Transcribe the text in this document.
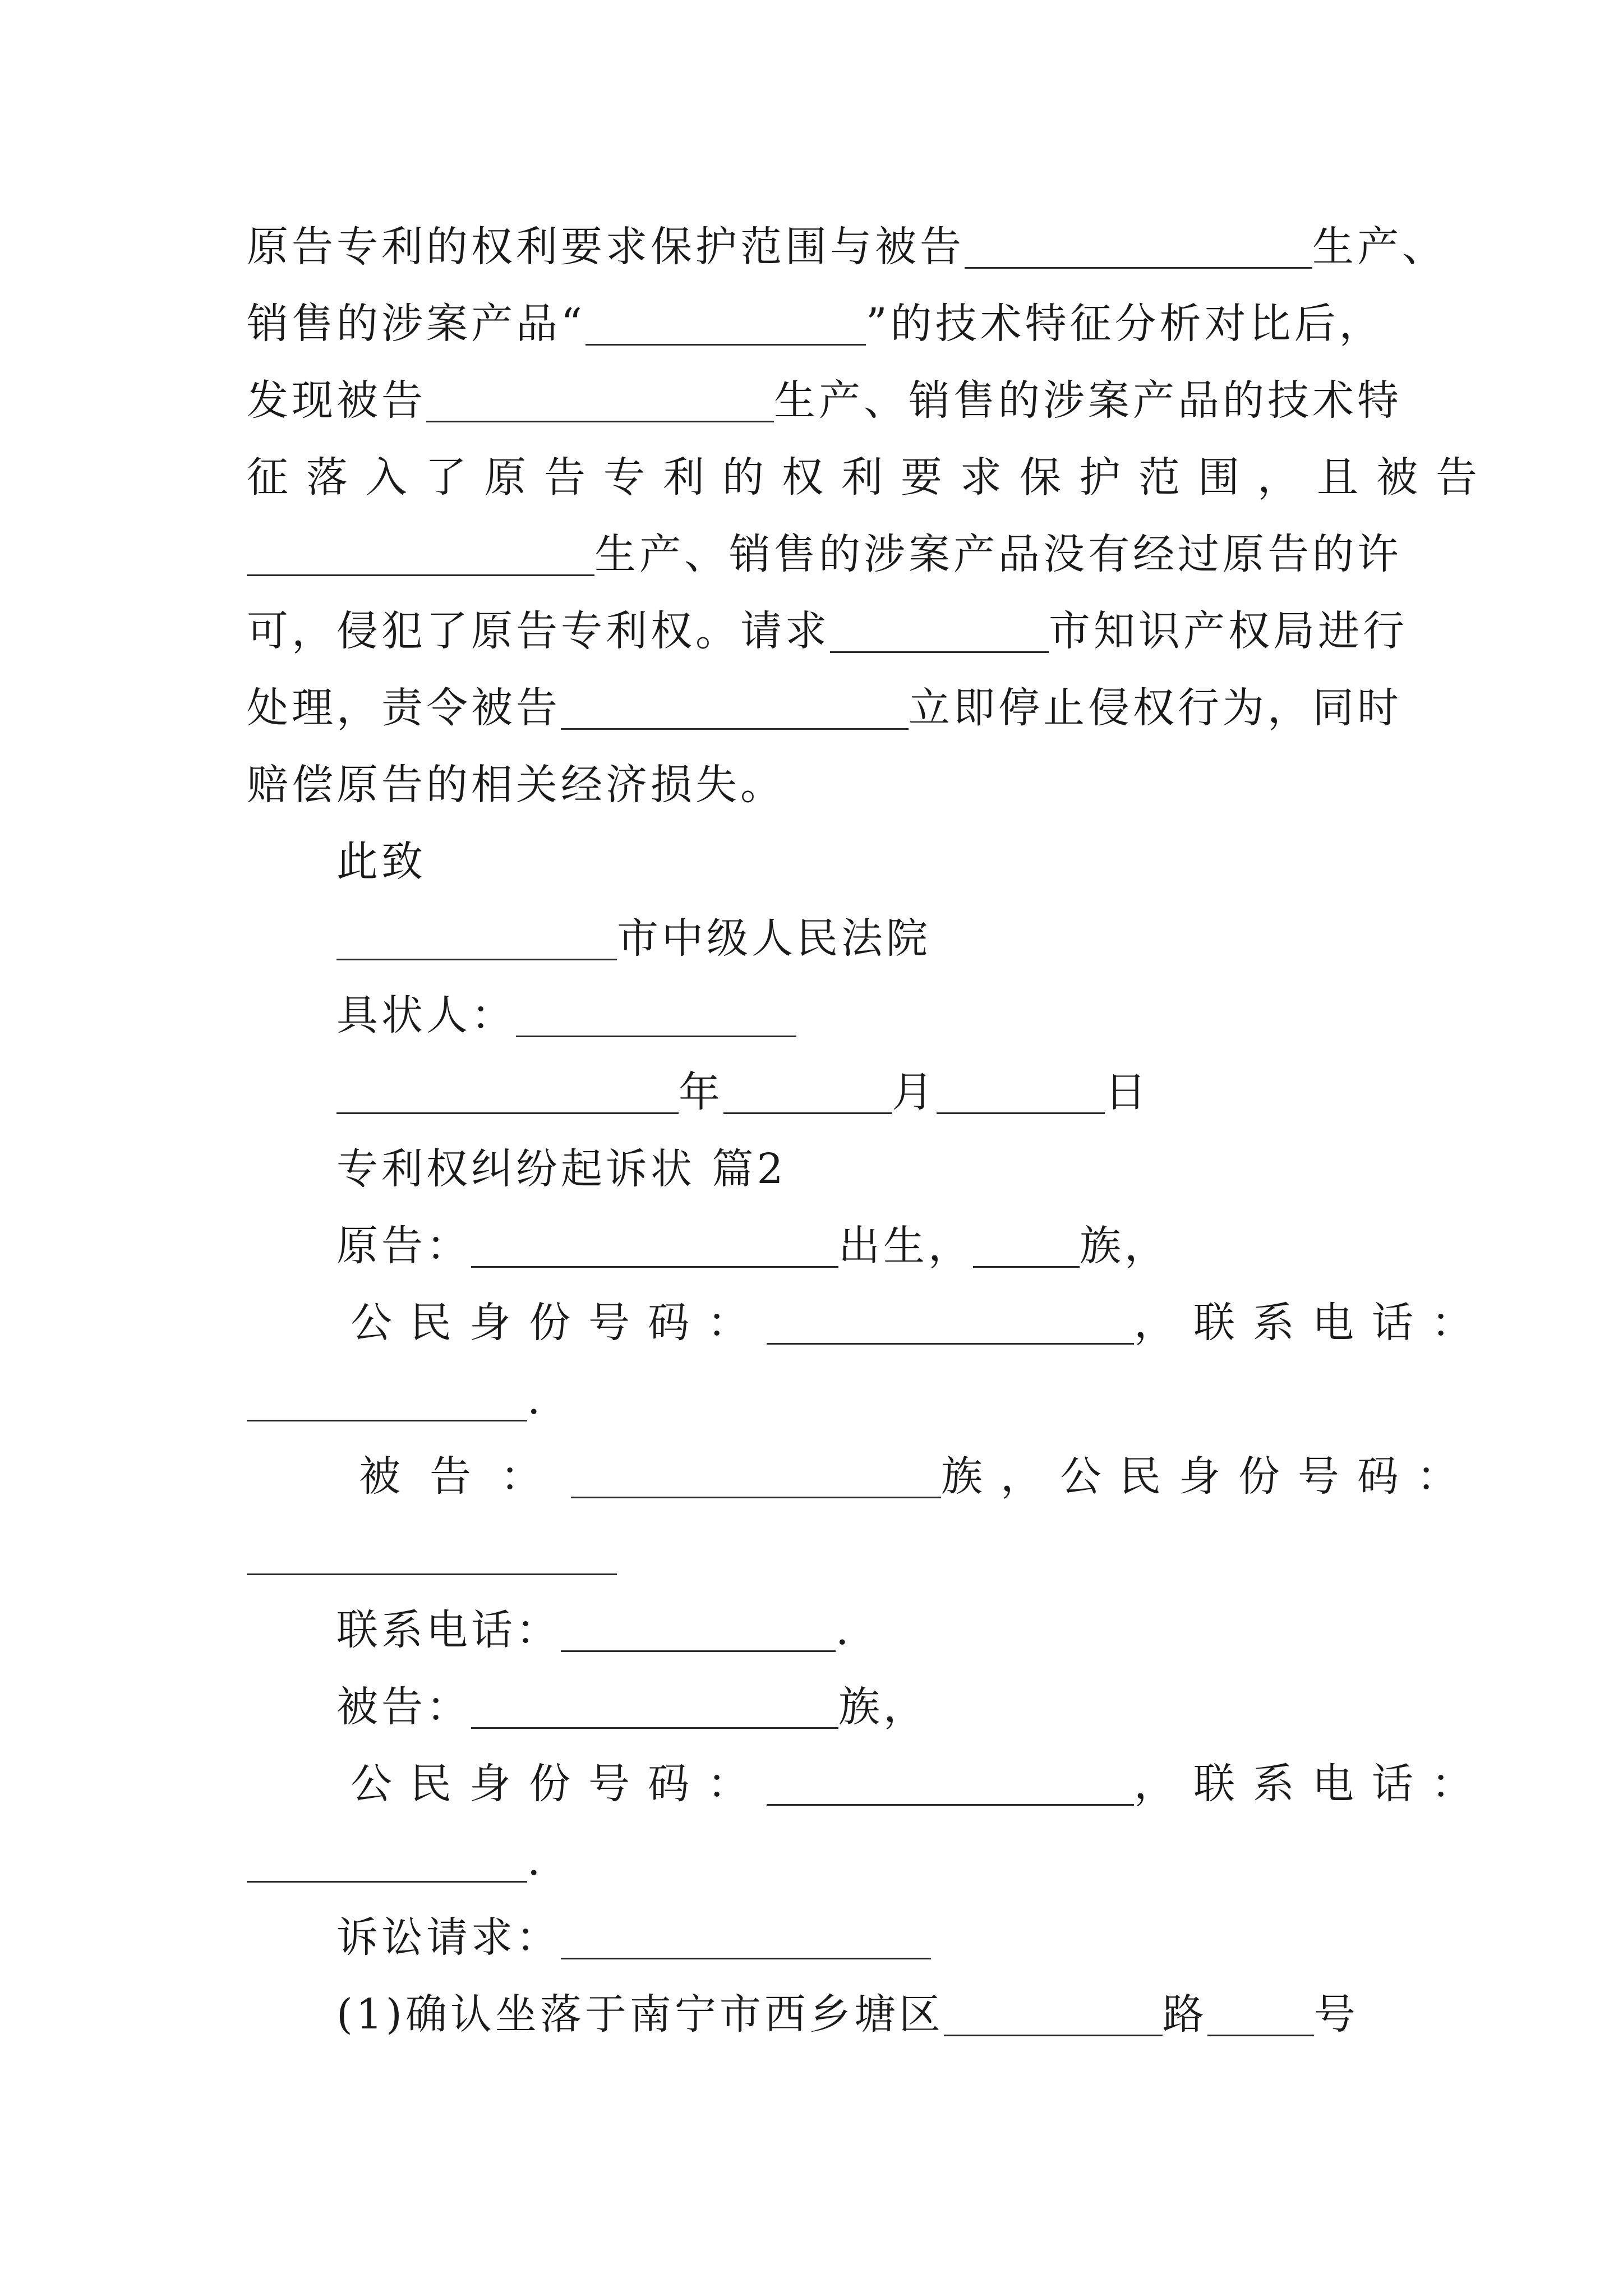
原告专利的权利要求保护范围与被告	生产、
销售的涉案产品“	”的技术特征分析对比后，
发现被告	生产、销售的涉案产品的技术特
征落入了原告专利的权利要求保护范围，且被告
生产、销售的涉案产品没有经过原告的许
可，侵犯了原告专利权。请求	市知识产权局进行
处理，责令被告	立即停止侵权行为，同时
赔偿原告的相关经济损失。
此致
市中级人民法院
具状人：
年	月	日
专利权纠纷起诉状 篇2
原告：	出生，	族，
公民身份号码：	，联系电话：
.
被告：	族，公民身份号码：
联系电话：	.
被告：	族，
公民身份号码：	，联系电话：
.
诉讼请求：
(1)确认坐落于南宁市西乡塘区	路	号
